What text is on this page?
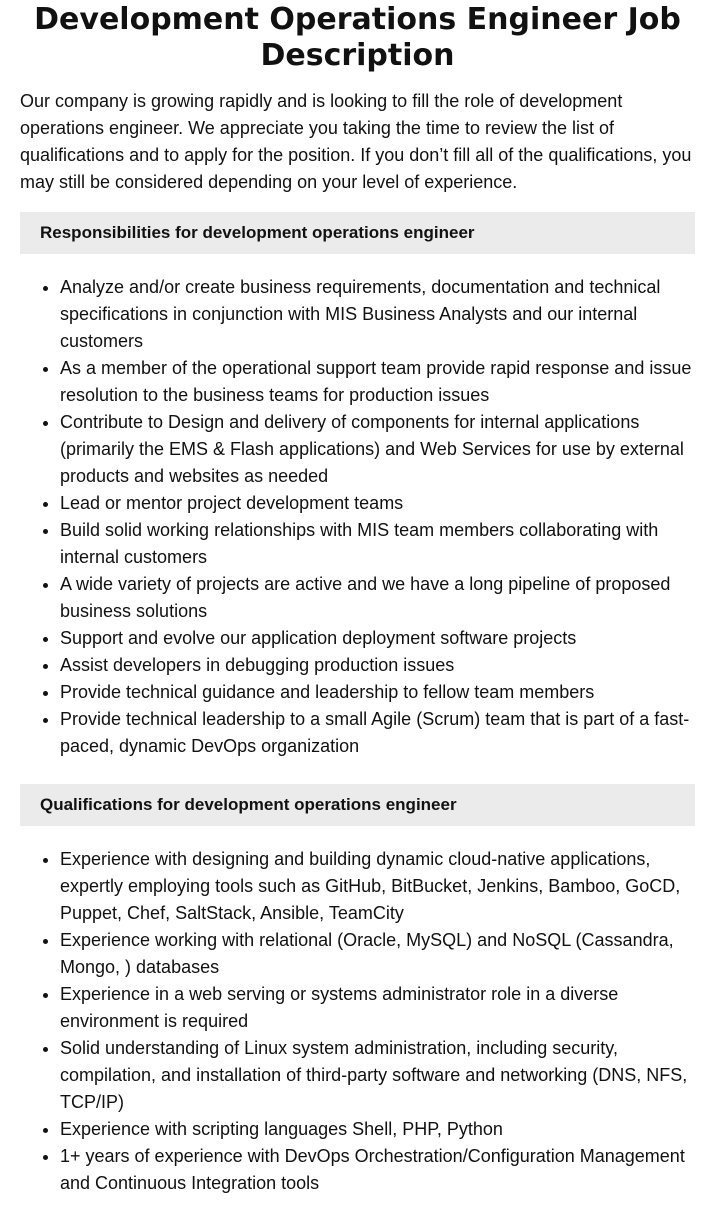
Development Operations Engineer Job Description

Our company is growing rapidly and is looking to fill the role of development operations engineer. We appreciate you taking the time to review the list of qualifications and to apply for the position. If you don’t fill all of the qualifications, you may still be considered depending on your level of experience.

Responsibilities for development operations engineer
• Analyze and/or create business requirements, documentation and technical specifications in conjunction with MIS Business Analysts and our internal customers
• As a member of the operational support team provide rapid response and issue resolution to the business teams for production issues
• Contribute to Design and delivery of components for internal applications (primarily the EMS & Flash applications) and Web Services for use by external products and websites as needed
• Lead or mentor project development teams
• Build solid working relationships with MIS team members collaborating with internal customers
• A wide variety of projects are active and we have a long pipeline of proposed business solutions
• Support and evolve our application deployment software projects
• Assist developers in debugging production issues
• Provide technical guidance and leadership to fellow team members
• Provide technical leadership to a small Agile (Scrum) team that is part of a fast-paced, dynamic DevOps organization
Qualifications for development operations engineer
• Experience with designing and building dynamic cloud-native applications, expertly employing tools such as GitHub, BitBucket, Jenkins, Bamboo, GoCD, Puppet, Chef, SaltStack, Ansible, TeamCity
• Experience working with relational (Oracle, MySQL) and NoSQL (Cassandra, Mongo, ) databases
• Experience in a web serving or systems administrator role in a diverse environment is required
• Solid understanding of Linux system administration, including security, compilation, and installation of third-party software and networking (DNS, NFS, TCP/IP)
• Experience with scripting languages Shell, PHP, Python
• 1+ years of experience with DevOps Orchestration/Configuration Management and Continuous Integration tools
